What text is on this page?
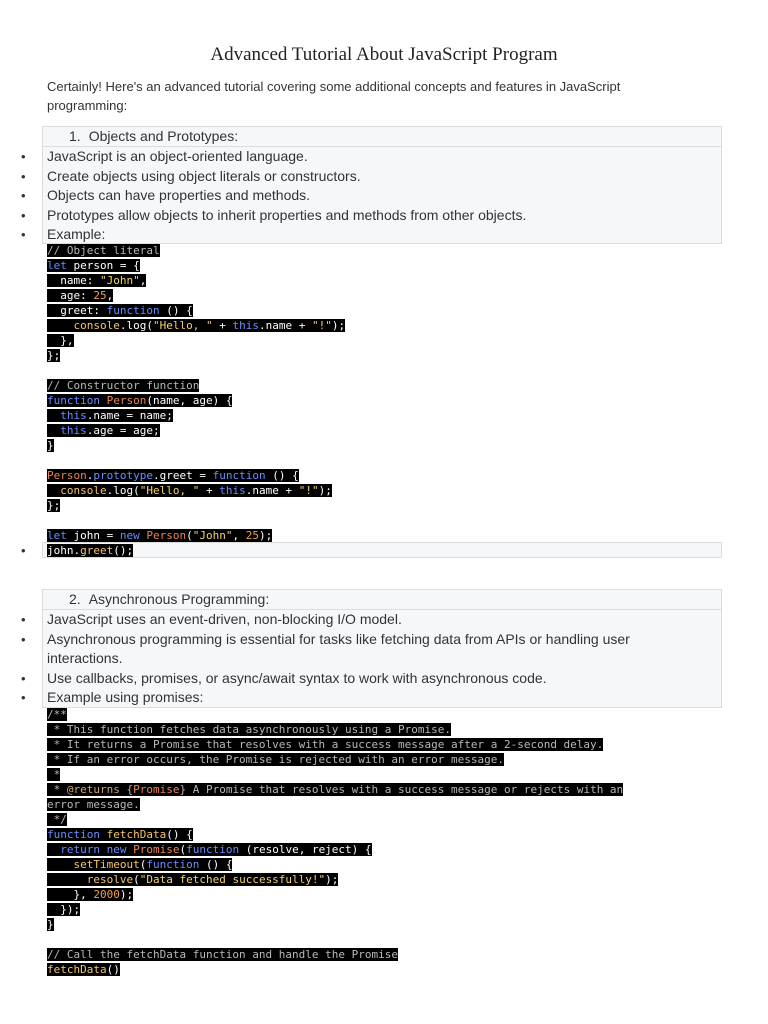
Advanced Tutorial About JavaScript Program
Certainly! Here's an advanced tutorial covering some additional concepts and features in JavaScript programming:
1. Objects and Prototypes:
• JavaScript is an object-oriented language.
• Create objects using object literals or constructors.
• Objects can have properties and methods.
• Prototypes allow objects to inherit properties and methods from other objects.
• Example:
// Object literal
let person = {
name: "John",
age: 25,
greet: function () {
console.log("Hello, " + this.name + "!");
},
};
// Constructor function
function Person(name, age) {
this.name = name;
this.age = age;
}
Person.prototype.greet = function () {
console.log("Hello, " + this.name + "!");
};
let john = new Person("John", 25);
• john.greet();
2. Asynchronous Programming:
• JavaScript uses an event-driven, non-blocking I/O model.
• Asynchronous programming is essential for tasks like fetching data from APIs or handling user interactions.
• Use callbacks, promises, or async/await syntax to work with asynchronous code.
• Example using promises:
/**
* This function fetches data asynchronously using a Promise.
* It returns a Promise that resolves with a success message after a 2-second delay.
* If an error occurs, the Promise is rejected with an error message.
*
* @returns {Promise} A Promise that resolves with a success message or rejects with an
error message.
*/
function fetchData() {
return new Promise(function (resolve, reject) {
setTimeout(function () {
resolve("Data fetched successfully!");
}, 2000);
});
}
// Call the fetchData function and handle the Promise
fetchData()
